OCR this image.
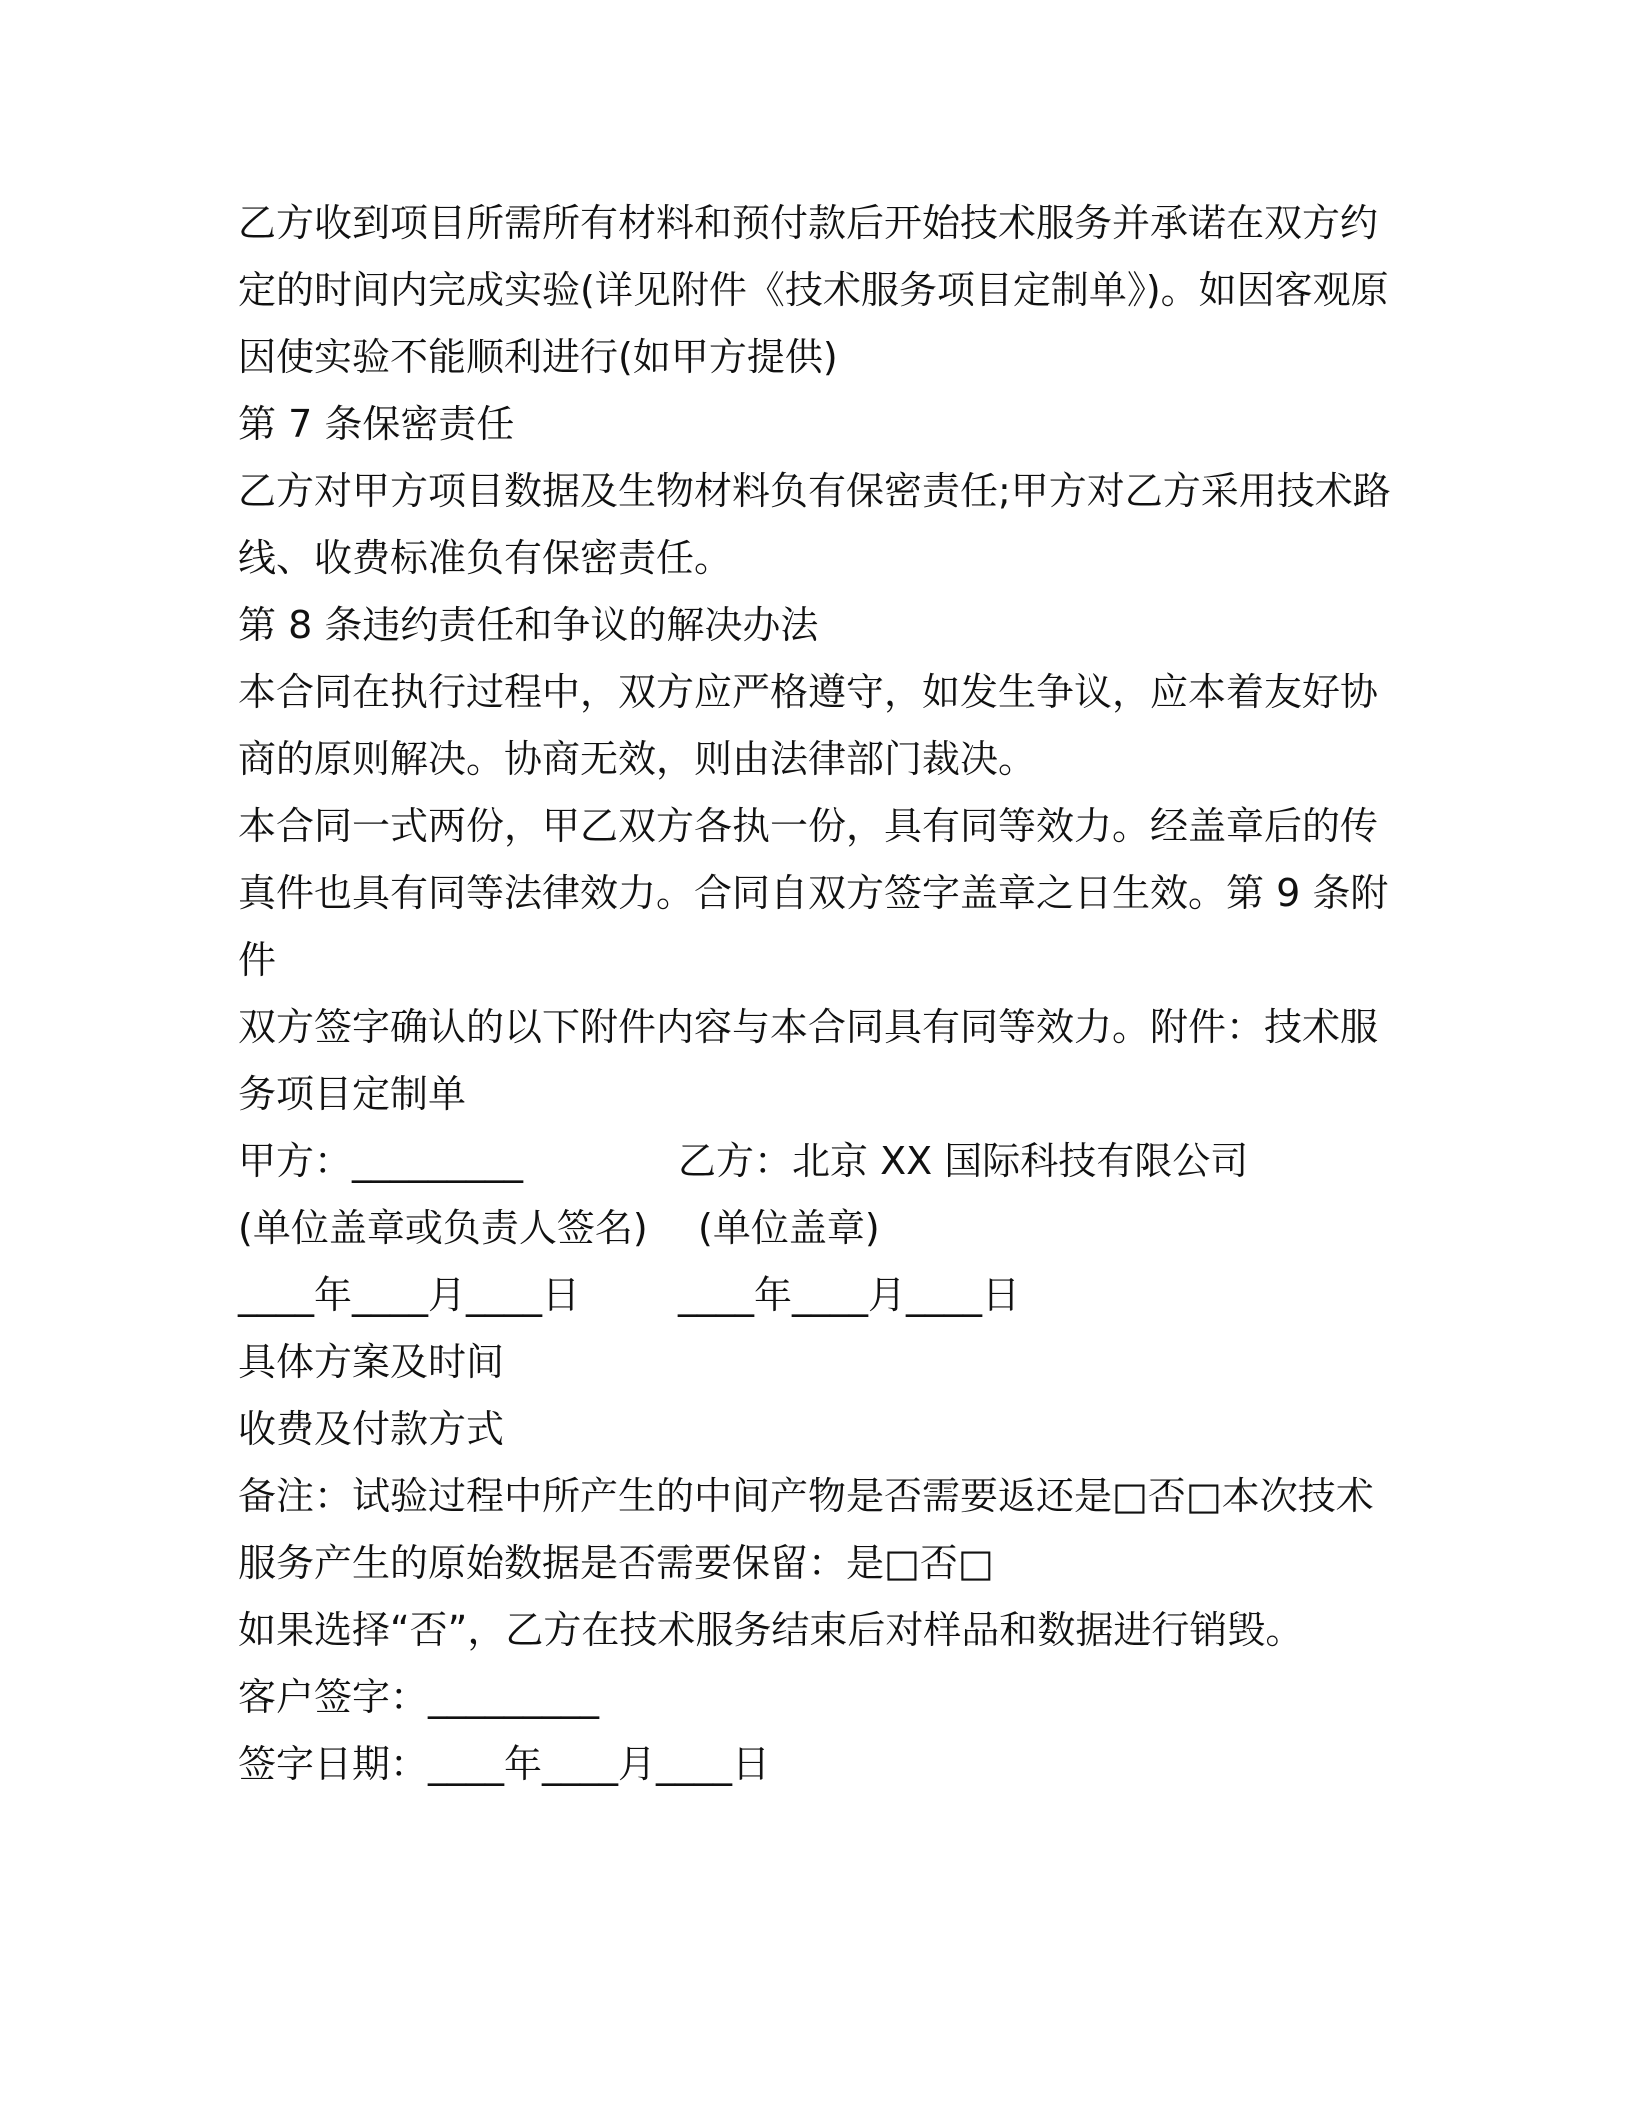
乙方收到项目所需所有材料和预付款后开始技术服务并承诺在双方约
定的时间内完成实验(详见附件《技术服务项目定制单》)。如因客观原
因使实验不能顺利进行(如甲方提供)
第 7 条保密责任
乙方对甲方项目数据及生物材料负有保密责任;甲方对乙方采用技术路
线、收费标准负有保密责任。
第 8 条违约责任和争议的解决办法
本合同在执行过程中，双方应严格遵守，如发生争议，应本着友好协
商的原则解决。协商无效，则由法律部门裁决。
本合同一式两份，甲乙双方各执一份，具有同等效力。经盖章后的传
真件也具有同等法律效力。合同自双方签字盖章之日生效。第 9 条附
件
双方签字确认的以下附件内容与本合同具有同等效力。附件：技术服
务项目定制单
甲方：_________	乙方：北京 XX 国际科技有限公司
(单位盖章或负责人签名) (单位盖章)
____年____月____日	____年____月____日
具体方案及时间
收费及付款方式
备注：试验过程中所产生的中间产物是否需要返还是□否□本次技术
服务产生的原始数据是否需要保留：是□否□
如果选择“否”，乙方在技术服务结束后对样品和数据进行销毁。
客户签字：_________
签字日期：____年____月____日
